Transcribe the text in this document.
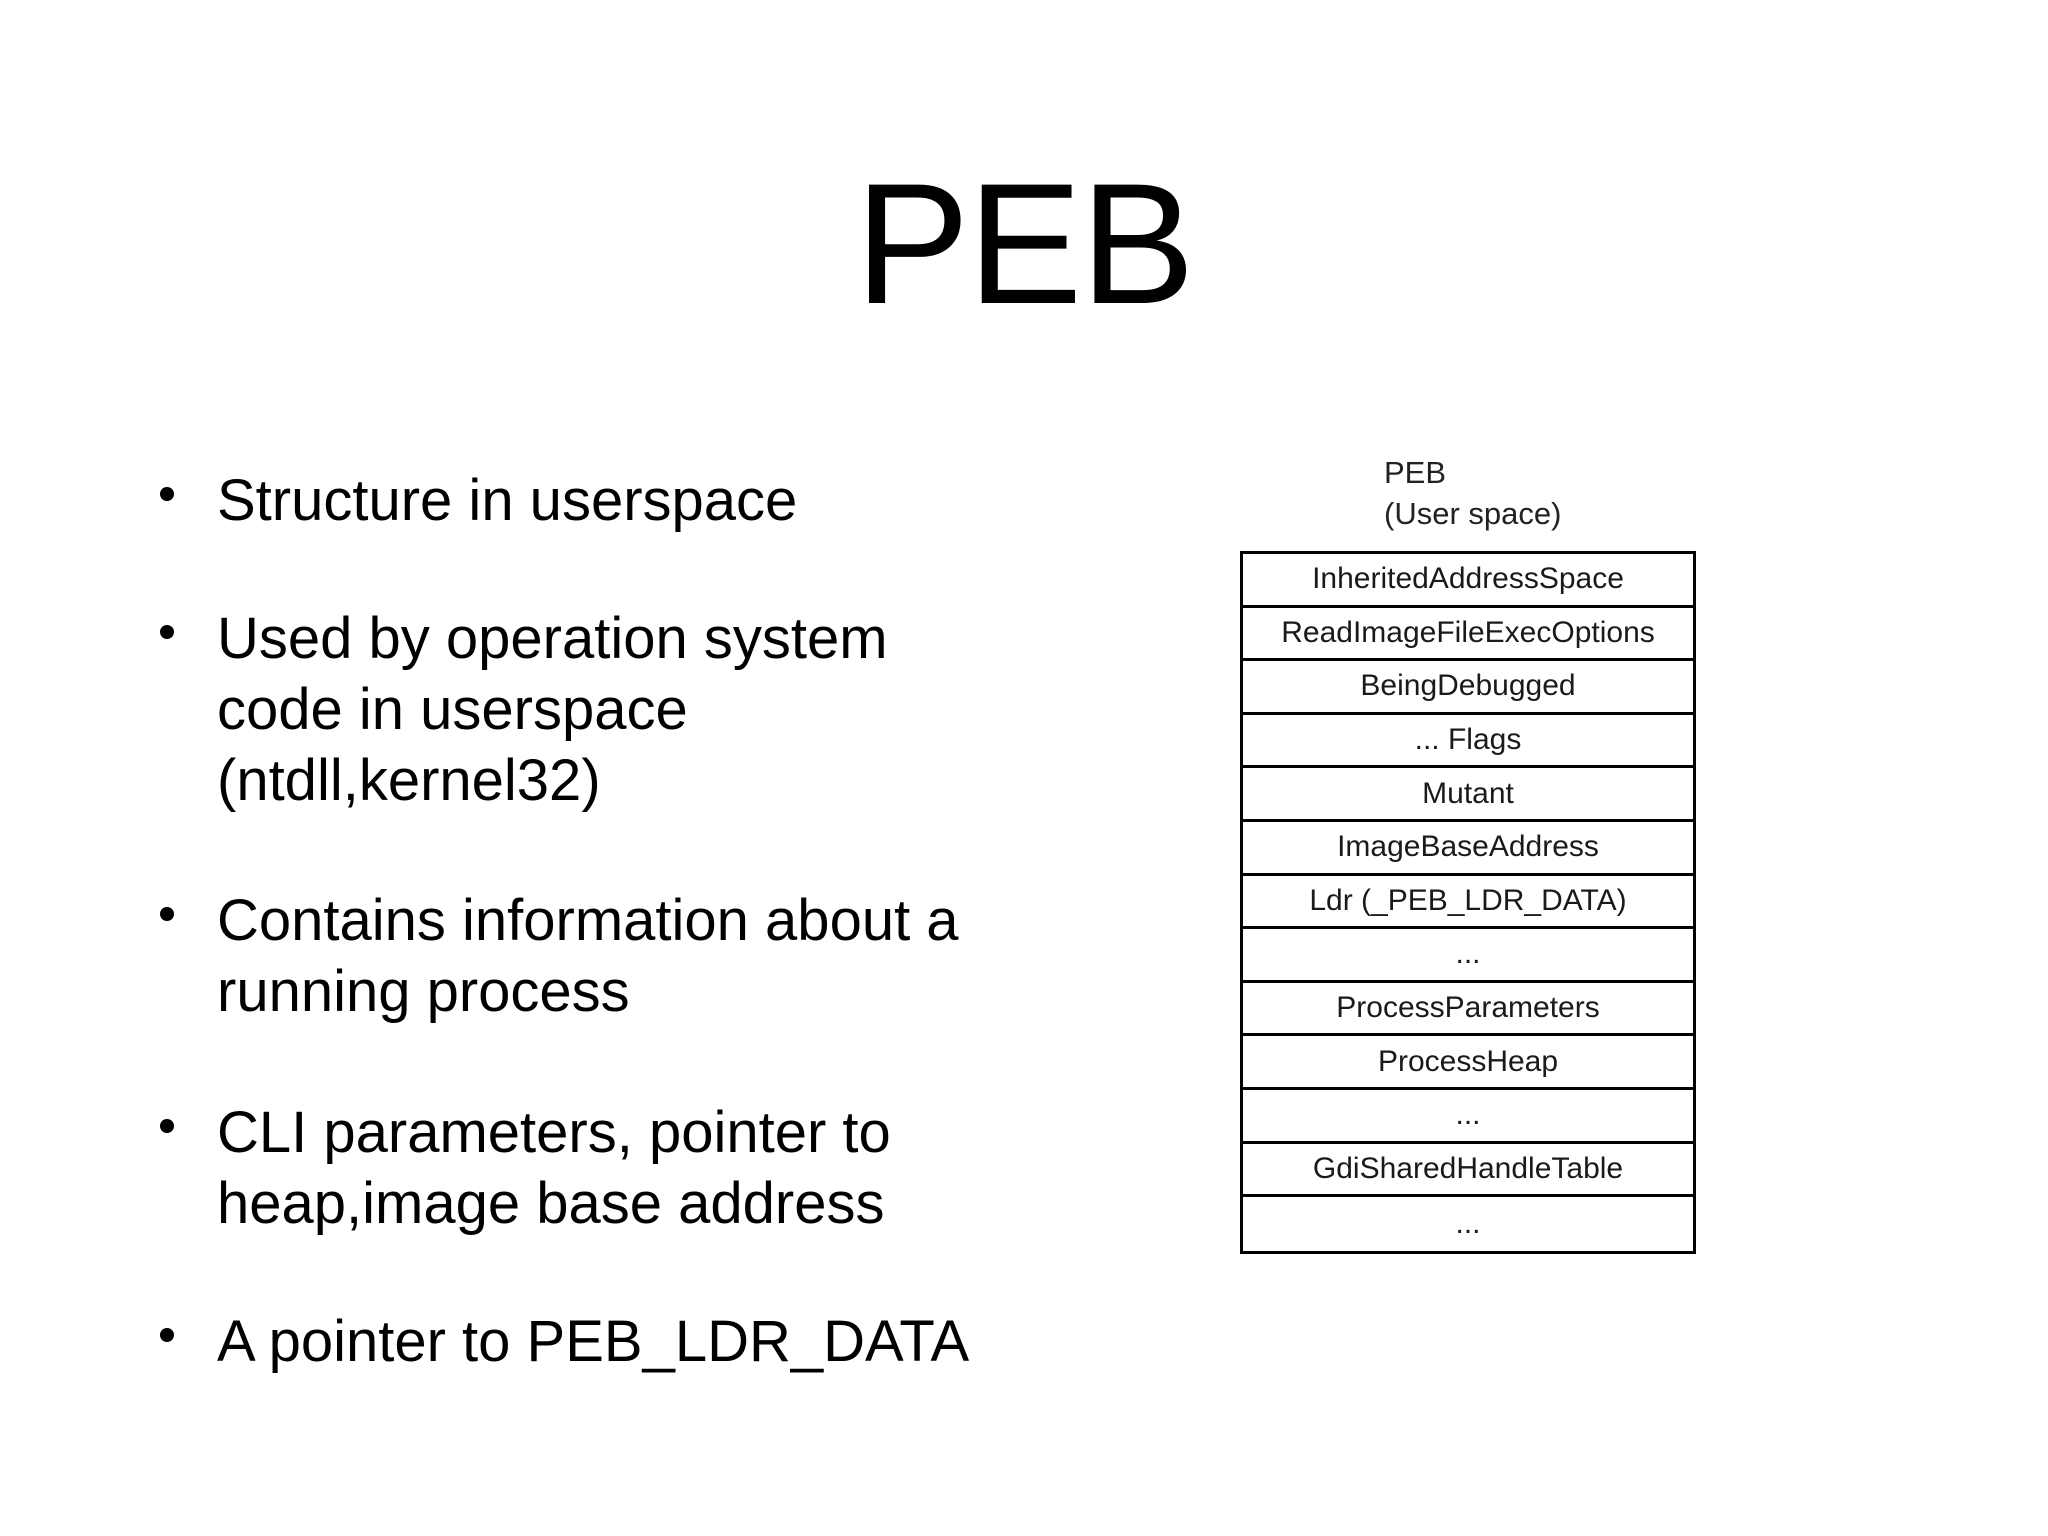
PEB
Structure in userspace
Used by operation system
code in userspace
(ntdll,kernel32)
Contains information about a
running process
CLI parameters, pointer to
heap,image base address
A pointer to PEB_LDR_DATA
PEB
(User space)
InheritedAddressSpace
ReadImageFileExecOptions
BeingDebugged
... Flags
Mutant
ImageBaseAddress
Ldr (_PEB_LDR_DATA)
...
ProcessParameters
ProcessHeap
...
GdiSharedHandleTable
...
